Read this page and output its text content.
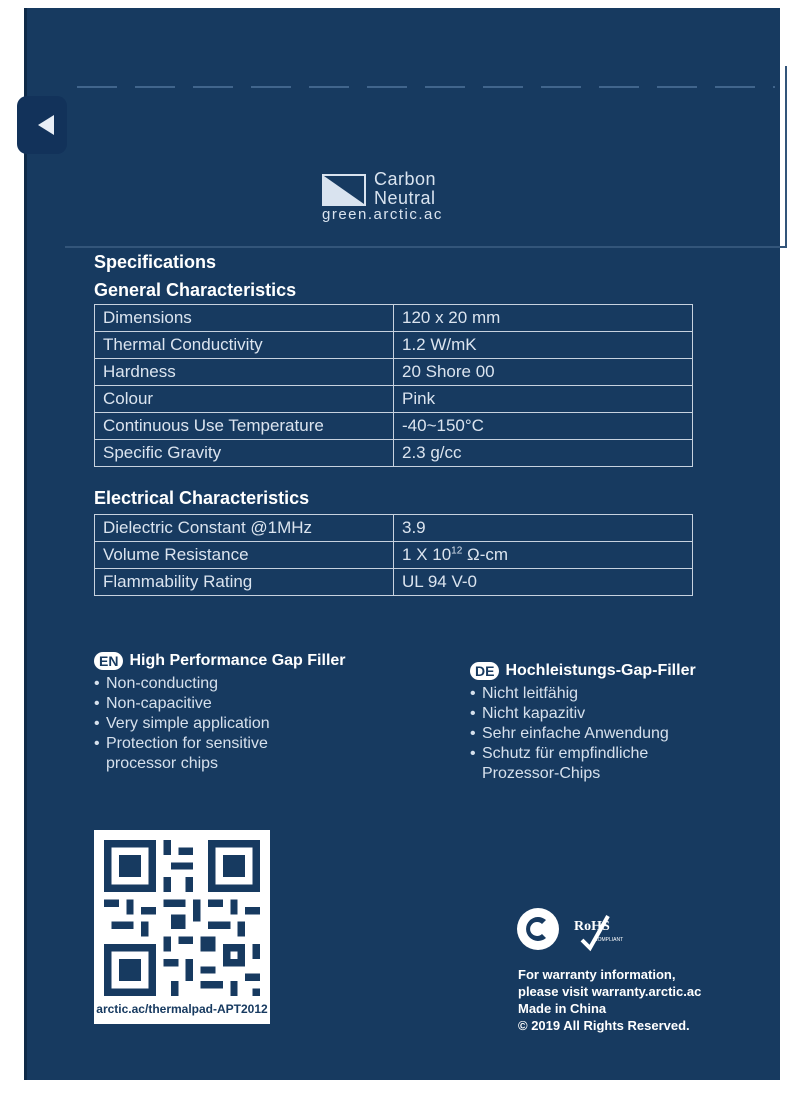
Carbon
Neutral
green.arctic.ac
Specifications
General Characteristics
Dimensions	120 x 20 mm
Thermal Conductivity	1.2 W/mK
Hardness	20 Shore 00
Colour	Pink
Continuous Use Temperature	-40~150°C
Specific Gravity	2.3 g/cc
Electrical Characteristics
Dielectric Constant @1MHz	3.9
Volume Resistance	1 X $10^{12}$ Ω-cm
Flammability Rating	UL 94 V-0
EN High Performance Gap Filler
• Non-conducting
• Non-capacitive
• Very simple application
• Protection for sensitive processor chips
DE Hochleistungs-Gap-Filler
• Nicht leitfähig
• Nicht kapazitiv
• Sehr einfache Anwendung
• Schutz für empfindliche Prozessor-Chips
arctic.ac/thermalpad-APT2012
RoHS
COMPLIANT
For warranty information,
please visit warranty.arctic.ac
Made in China
© 2019 All Rights Reserved.
